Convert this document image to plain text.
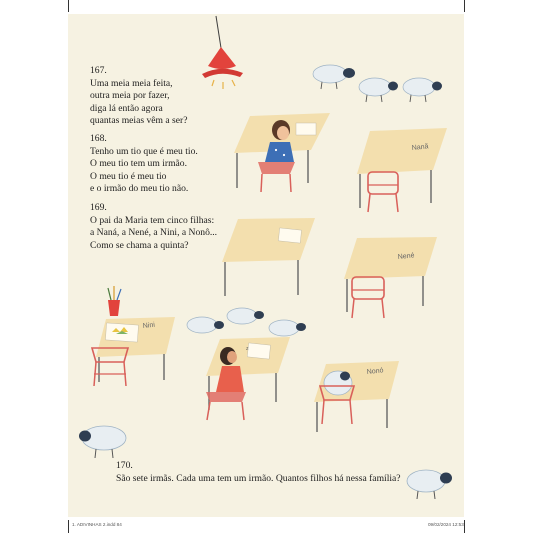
Nanã
Nené
Nini
z
Nonó
167.
Uma meia meia feita,
outra meia por fazer,
diga lá então agora
quantas meias vêm a ser?
168.
Tenho um tio que é meu tio.
O meu tio tem um irmão.
O meu tio é meu tio
e o irmão do meu tio não.
169.
O pai da Maria tem cinco filhas:
a Naná, a Nené, a Nini, a Nonô...
Como se chama a quinta?
170.
São sete irmãs. Cada uma tem um irmão. Quantos filhos há nessa família?
1. ADIVINHAS 2.indd 84	09/02/2024 12:53
